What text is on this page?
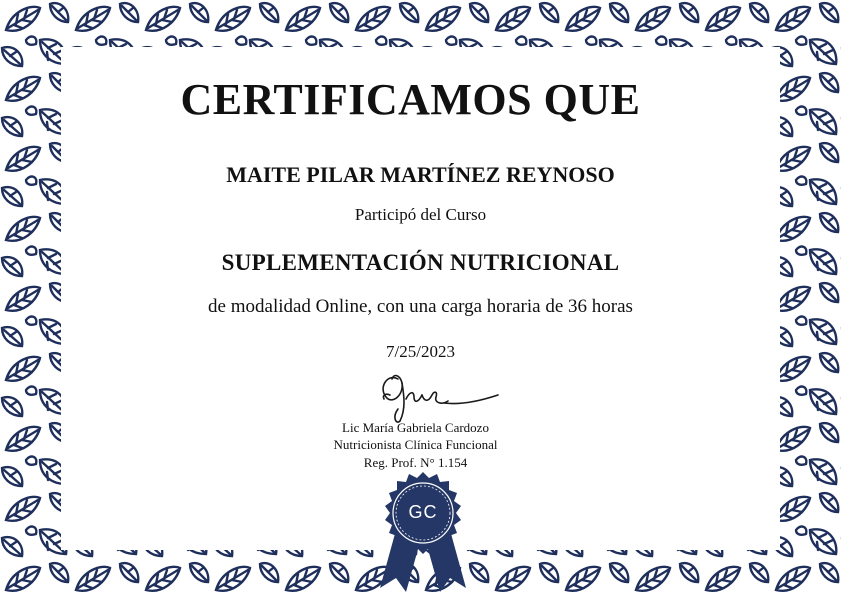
CERTIFICAMOS QUE
MAITE PILAR MARTÍNEZ REYNOSO
Participó del Curso
SUPLEMENTACIÓN NUTRICIONAL
de modalidad Online, con una carga horaria de 36 horas
7/25/2023
Lic María Gabriela Cardozo
Nutricionista Clínica Funcional
Reg. Prof. N° 1.154
GC
